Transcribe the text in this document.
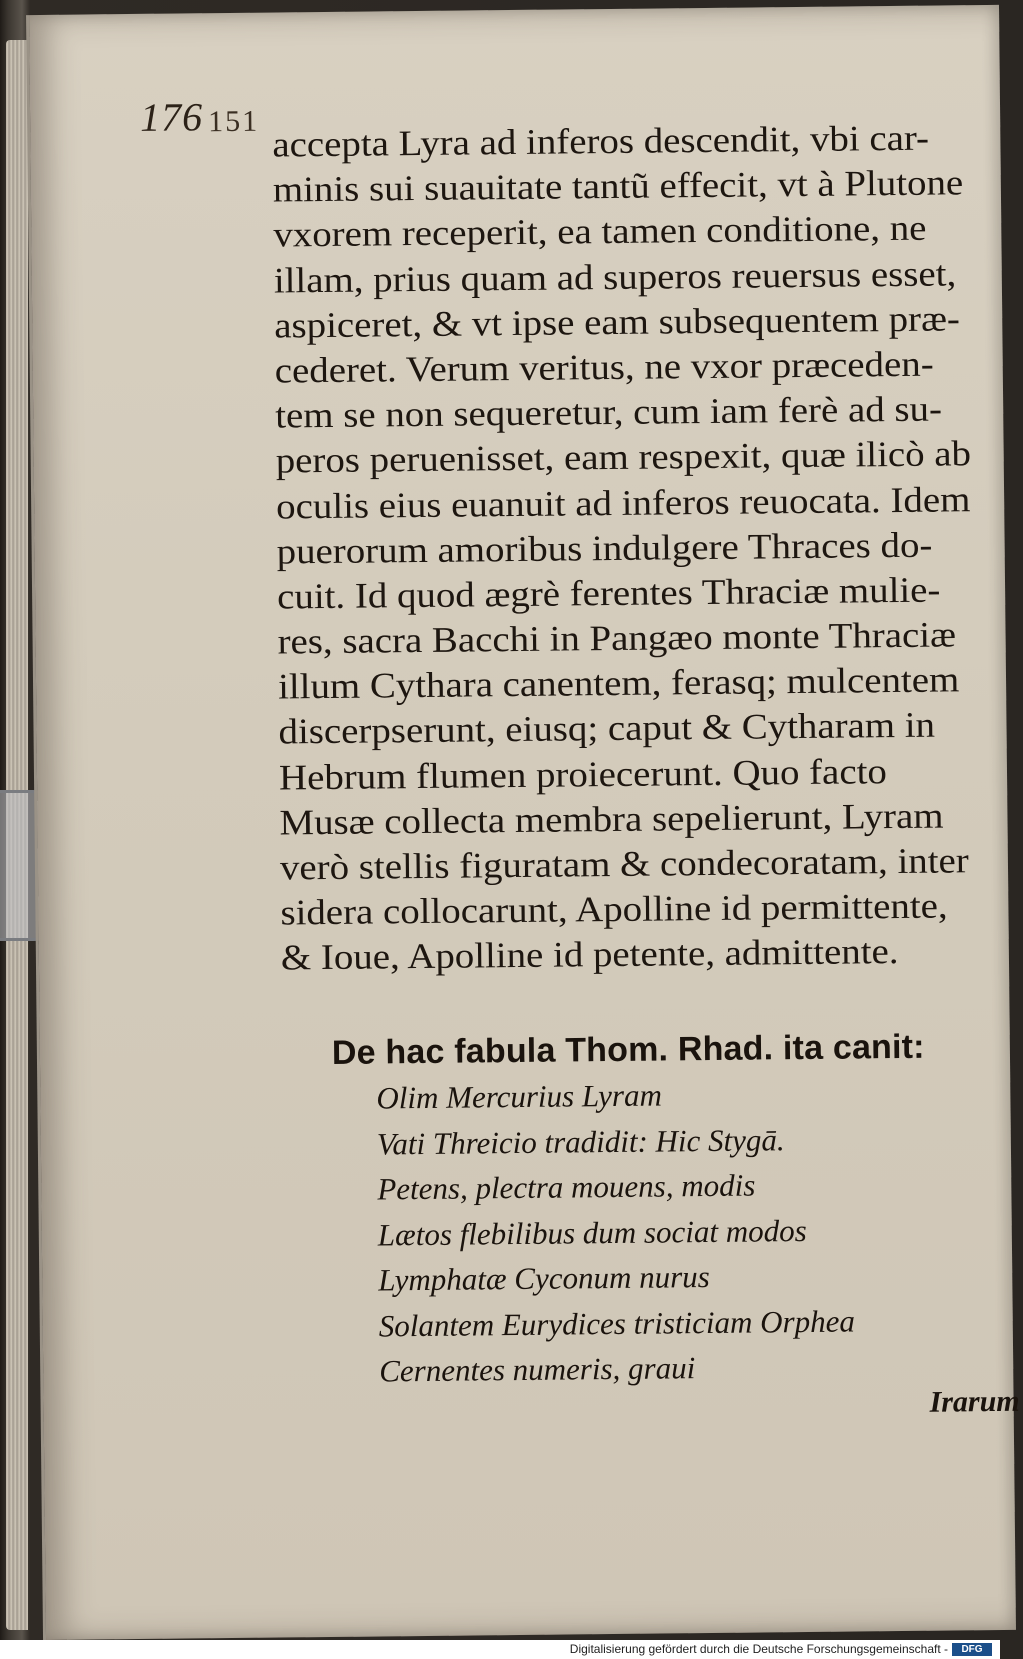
176 151 accepta Lyra ad inferos descendit, vbi car-
minis sui suauitate tantũ effecit, vt à Plutone
vxorem receperit, ea tamen conditione, ne
illam, prius quam ad superos reuersus esset,
aspiceret, & vt ipse eam subsequentem præ-
cederet. Verum veritus, ne vxor præceden-
tem se non sequeretur, cum iam ferè ad su-
peros peruenisset, eam respexit, quæ ilicò ab
oculis eius euanuit ad inferos reuocata. Idem
puerorum amoribus indulgere Thraces do-
cuit. Id quod ægrè ferentes Thraciæ mulie-
res, sacra Bacchi in Pangæo monte Thraciæ
illum Cythara canentem, ferasq; mulcentem
discerpserunt, eiusq; caput & Cytharam in
Hebrum flumen proiecerunt. Quo facto
Musæ collecta membra sepelierunt, Lyram
verò stellis figuratam & condecoratam, inter
sidera collocarunt, Apolline id permittente,
& Ioue, Apolline id petente, admittente.
De hac fabula Thom. Rhad. ita canit:
Olim Mercurius Lyram
Vati Threicio tradidit: Hic Stygā.
Petens, plectra mouens, modis
Lætos flebilibus dum sociat modos
Lymphatæ Cyconum nurus
Solantem Eurydices tristiciam Orphea
Cernentes numeris, graui
Irarum
Digitalisierung gefördert durch die Deutsche Forschungsgemeinschaft -	DFG
